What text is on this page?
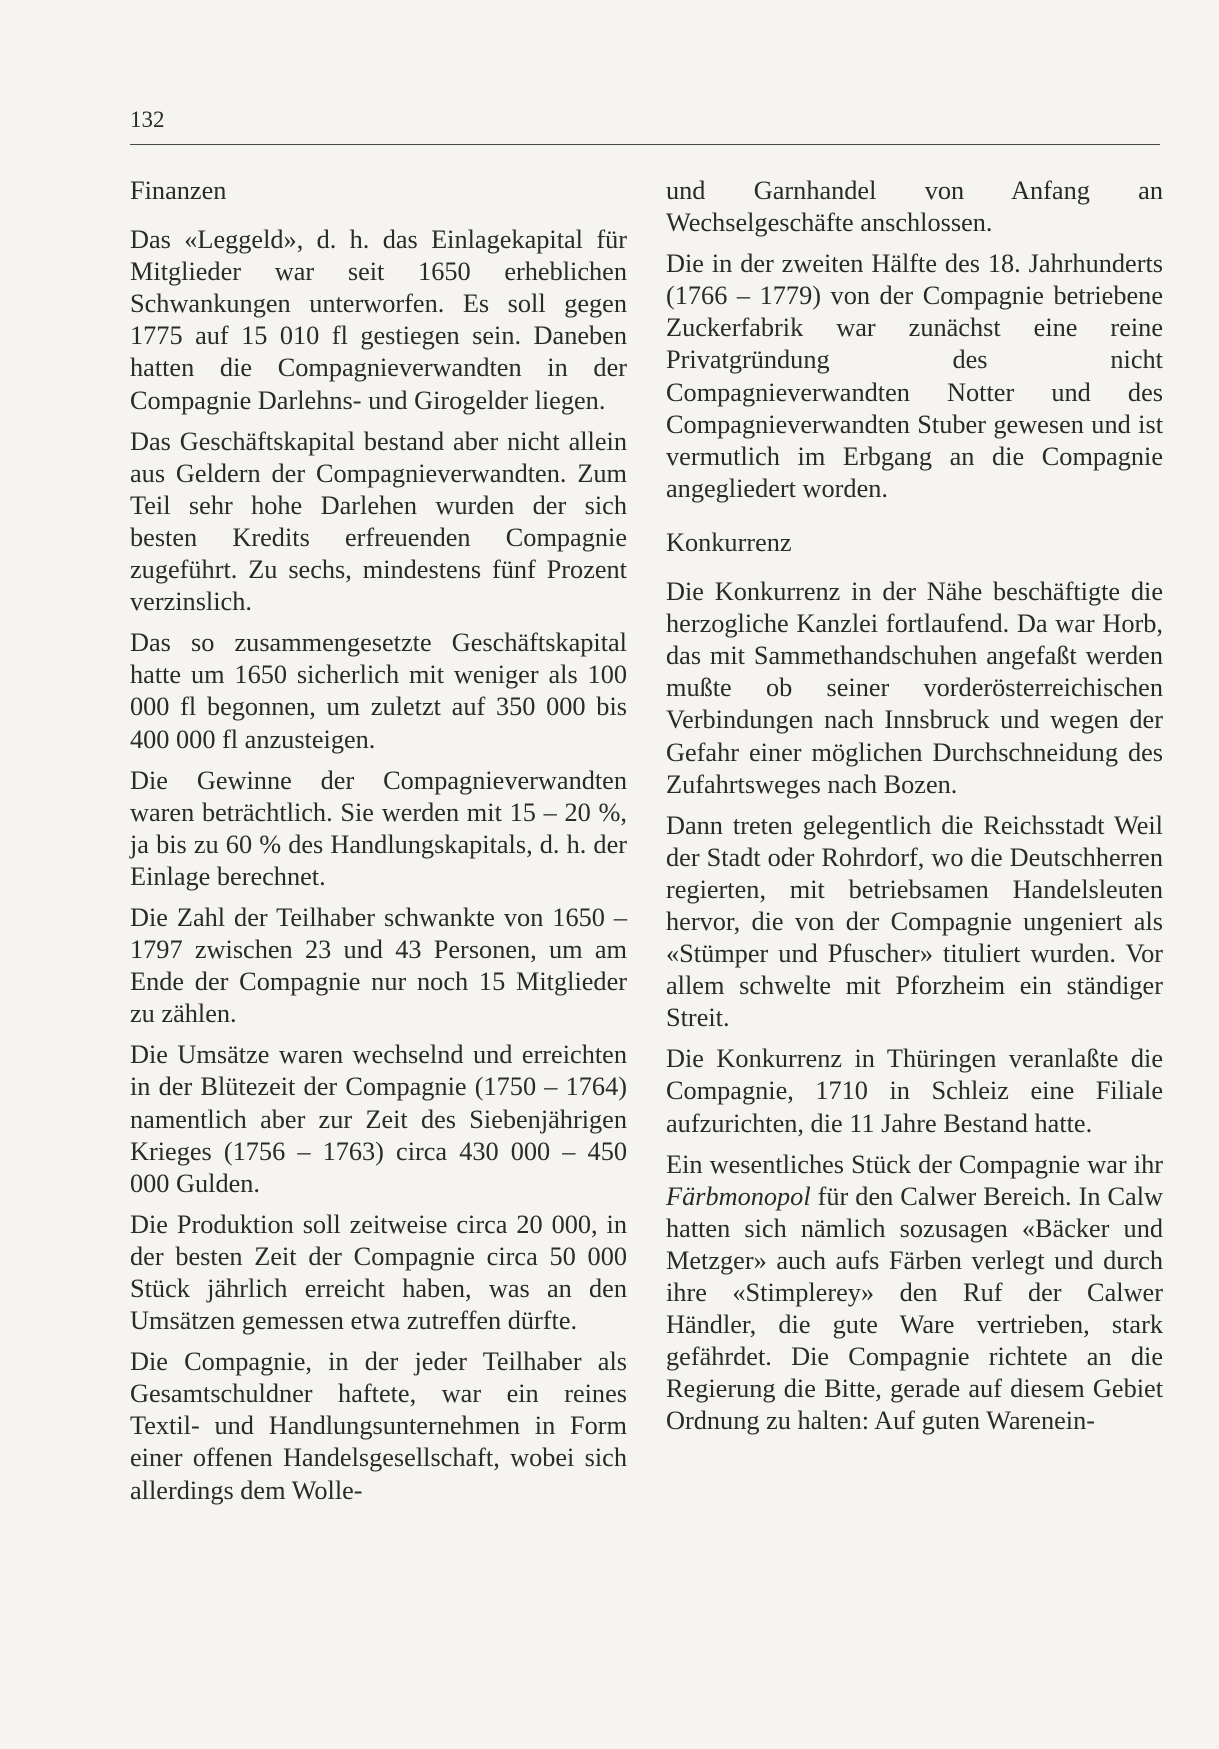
132
Finanzen

Das «Leggeld», d. h. das Einlagekapital für Mitglieder war seit 1650 erheblichen Schwankungen unterworfen. Es soll gegen 1775 auf 15 010 fl gestiegen sein. Daneben hatten die Compagnieverwandten in der Compagnie Darlehns- und Girogelder liegen.

Das Geschäftskapital bestand aber nicht allein aus Geldern der Compagnieverwandten. Zum Teil sehr hohe Darlehen wurden der sich besten Kredits erfreuenden Compagnie zugeführt. Zu sechs, mindestens fünf Prozent verzinslich.

Das so zusammengesetzte Geschäftskapital hatte um 1650 sicherlich mit weniger als 100 000 fl begonnen, um zuletzt auf 350 000 bis 400 000 fl anzusteigen.

Die Gewinne der Compagnieverwandten waren beträchtlich. Sie werden mit 15 – 20 %, ja bis zu 60 % des Handlungskapitals, d. h. der Einlage berechnet.

Die Zahl der Teilhaber schwankte von 1650 – 1797 zwischen 23 und 43 Personen, um am Ende der Compagnie nur noch 15 Mitglieder zu zählen.

Die Umsätze waren wechselnd und erreichten in der Blütezeit der Compagnie (1750 – 1764) namentlich aber zur Zeit des Siebenjährigen Krieges (1756 – 1763) circa 430 000 – 450 000 Gulden.

Die Produktion soll zeitweise circa 20 000, in der besten Zeit der Compagnie circa 50 000 Stück jährlich erreicht haben, was an den Umsätzen gemessen etwa zutreffen dürfte.

Die Compagnie, in der jeder Teilhaber als Gesamtschuldner haftete, war ein reines Textil- und Handlungsunternehmen in Form einer offenen Handelsgesellschaft, wobei sich allerdings dem Wolle-

und Garnhandel von Anfang an Wechselgeschäfte anschlossen.

Die in der zweiten Hälfte des 18. Jahrhunderts (1766 – 1779) von der Compagnie betriebene Zuckerfabrik war zunächst eine reine Privatgründung des nicht Compagnieverwandten Notter und des Compagnieverwandten Stuber gewesen und ist vermutlich im Erbgang an die Compagnie angegliedert worden.

Konkurrenz

Die Konkurrenz in der Nähe beschäftigte die herzogliche Kanzlei fortlaufend. Da war Horb, das mit Sammethandschuhen angefaßt werden mußte ob seiner vorderösterreichischen Verbindungen nach Innsbruck und wegen der Gefahr einer möglichen Durchschneidung des Zufahrtsweges nach Bozen.

Dann treten gelegentlich die Reichsstadt Weil der Stadt oder Rohrdorf, wo die Deutschherren regierten, mit betriebsamen Handelsleuten hervor, die von der Compagnie ungeniert als «Stümper und Pfuscher» tituliert wurden. Vor allem schwelte mit Pforzheim ein ständiger Streit.

Die Konkurrenz in Thüringen veranlaßte die Compagnie, 1710 in Schleiz eine Filiale aufzurichten, die 11 Jahre Bestand hatte.

Ein wesentliches Stück der Compagnie war ihr Färbmonopol für den Calwer Bereich. In Calw hatten sich nämlich sozusagen «Bäcker und Metzger» auch aufs Färben verlegt und durch ihre «Stimplerey» den Ruf der Calwer Händler, die gute Ware vertrieben, stark gefährdet. Die Compagnie richtete an die Regierung die Bitte, gerade auf diesem Gebiet Ordnung zu halten: Auf guten Warenein-
